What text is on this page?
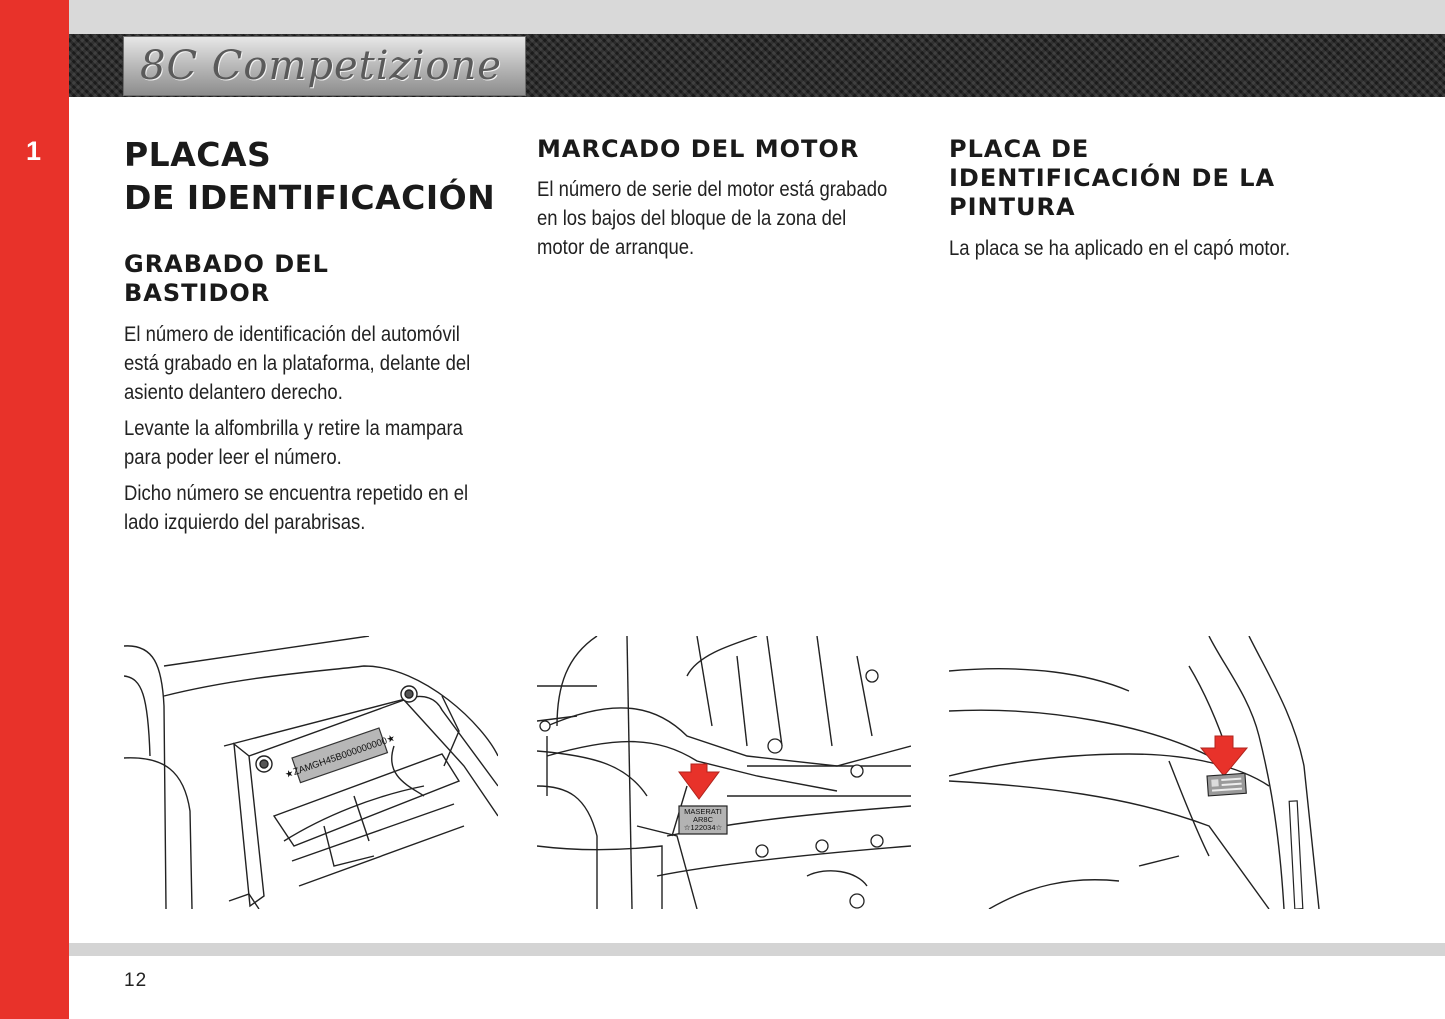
8C Competizione
1	PLACAS
DE IDENTIFICACIÓN
GRABADO DEL
BASTIDOR

El número de identificación del automóvil está grabado en la plataforma, delante del asiento delantero derecho.

Levante la alfombrilla y retire la mampara para poder leer el número.

Dicho número se encuentra repetido en el lado izquierdo del parabrisas.

MARCADO DEL MOTOR

El número de serie del motor está grabado en los bajos del bloque de la zona del motor de arranque.

PLACA DE
IDENTIFICACIÓN DE LA
PINTURA

La placa se ha aplicado en el capó motor.

★ZAMGH45B000000000★
MASERATI
AR8C
☆122034☆
12
